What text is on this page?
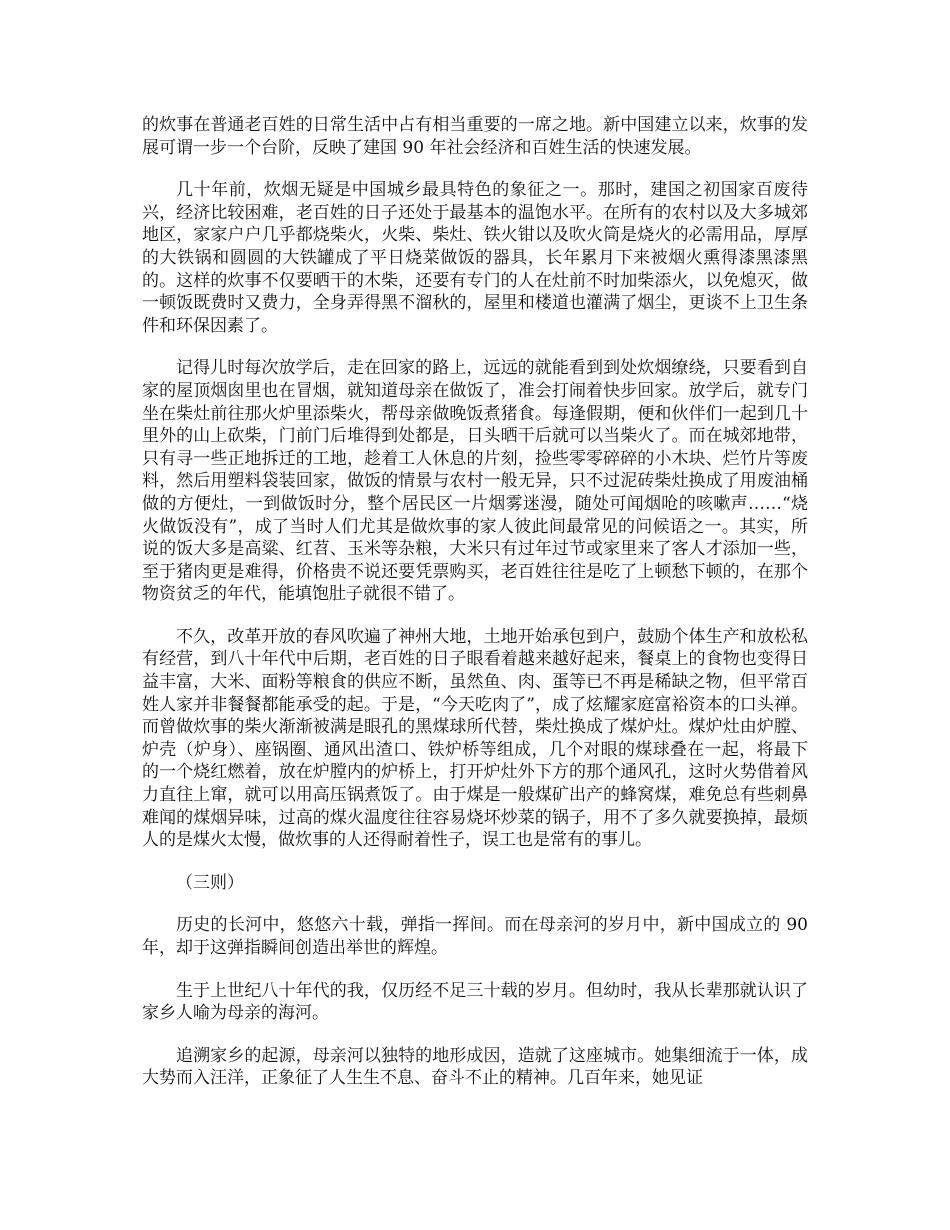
的炊事在普通老百姓的日常生活中占有相当重要的一席之地。新中国建立以来，炊事的发展可谓一步一个台阶，反映了建国 90 年社会经济和百姓生活的快速发展。

几十年前，炊烟无疑是中国城乡最具特色的象征之一。那时，建国之初国家百废待兴，经济比较困难，老百姓的日子还处于最基本的温饱水平。在所有的农村以及大多城郊地区，家家户户几乎都烧柴火，火柴、柴灶、铁火钳以及吹火筒是烧火的必需用品，厚厚的大铁锅和圆圆的大铁罐成了平日烧菜做饭的器具，长年累月下来被烟火熏得漆黑漆黑的。这样的炊事不仅要晒干的木柴，还要有专门的人在灶前不时加柴添火，以免熄灭，做一顿饭既费时又费力，全身弄得黑不溜秋的，屋里和楼道也灌满了烟尘，更谈不上卫生条件和环保因素了。

记得儿时每次放学后，走在回家的路上，远远的就能看到到处炊烟缭绕，只要看到自家的屋顶烟囱里也在冒烟，就知道母亲在做饭了，准会打闹着快步回家。放学后，就专门坐在柴灶前往那火炉里添柴火，帮母亲做晚饭煮猪食。每逢假期，便和伙伴们一起到几十里外的山上砍柴，门前门后堆得到处都是，日头晒干后就可以当柴火了。而在城郊地带，只有寻一些正地拆迁的工地，趁着工人休息的片刻，捡些零零碎碎的小木块、烂竹片等废料，然后用塑料袋装回家，做饭的情景与农村一般无异，只不过泥砖柴灶换成了用废油桶做的方便灶，一到做饭时分，整个居民区一片烟雾迷漫，随处可闻烟呛的咳嗽声……“烧火做饭没有”，成了当时人们尤其是做炊事的家人彼此间最常见的问候语之一。其实，所说的饭大多是高粱、红苕、玉米等杂粮，大米只有过年过节或家里来了客人才添加一些，至于猪肉更是难得，价格贵不说还要凭票购买，老百姓往往是吃了上顿愁下顿的，在那个物资贫乏的年代，能填饱肚子就很不错了。

不久，改革开放的春风吹遍了神州大地，土地开始承包到户，鼓励个体生产和放松私有经营，到八十年代中后期，老百姓的日子眼看着越来越好起来，餐桌上的食物也变得日益丰富，大米、面粉等粮食的供应不断，虽然鱼、肉、蛋等已不再是稀缺之物，但平常百姓人家并非餐餐都能承受的起。于是，“今天吃肉了”，成了炫耀家庭富裕资本的口头禅。而曾做炊事的柴火渐渐被满是眼孔的黑煤球所代替，柴灶换成了煤炉灶。煤炉灶由炉膛、炉壳（炉身）、座锅圈、通风出渣口、铁炉桥等组成，几个对眼的煤球叠在一起，将最下的一个烧红燃着，放在炉膛内的炉桥上，打开炉灶外下方的那个通风孔，这时火势借着风力直往上窜，就可以用高压锅煮饭了。由于煤是一般煤矿出产的蜂窝煤，难免总有些刺鼻难闻的煤烟异味，过高的煤火温度往往容易烧坏炒菜的锅子，用不了多久就要换掉，最烦人的是煤火太慢，做炊事的人还得耐着性子，误工也是常有的事儿。

（三则）

历史的长河中，悠悠六十载，弹指一挥间。而在母亲河的岁月中，新中国成立的 90 年，却于这弹指瞬间创造出举世的辉煌。

生于上世纪八十年代的我，仅历经不足三十载的岁月。但幼时，我从长辈那就认识了家乡人喻为母亲的海河。

追溯家乡的起源，母亲河以独特的地形成因，造就了这座城市。她集细流于一体，成大势而入汪洋，正象征了人生生不息、奋斗不止的精神。几百年来，她见证
